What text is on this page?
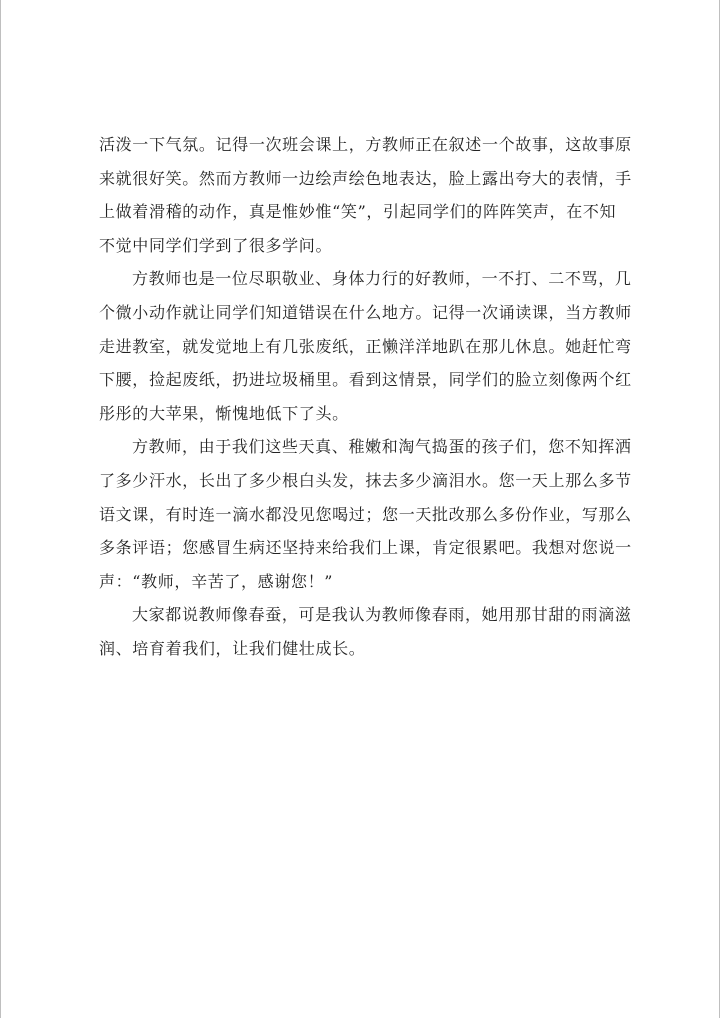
活泼一下气氛。记得一次班会课上，方教师正在叙述一个故事，这故事原
来就很好笑。然而方教师一边绘声绘色地表达，脸上露出夸大的表情，手
上做着滑稽的动作，真是惟妙惟“笑”，引起同学们的阵阵笑声，在不知
不觉中同学们学到了很多学问。

方教师也是一位尽职敬业、身体力行的好教师，一不打、二不骂，几
个微小动作就让同学们知道错误在什么地方。记得一次诵读课，当方教师
走进教室，就发觉地上有几张废纸，正懒洋洋地趴在那儿休息。她赶忙弯
下腰，捡起废纸，扔进垃圾桶里。看到这情景，同学们的脸立刻像两个红
彤彤的大苹果，惭愧地低下了头。

方教师，由于我们这些天真、稚嫩和淘气捣蛋的孩子们，您不知挥洒
了多少汗水，长出了多少根白头发，抹去多少滴泪水。您一天上那么多节
语文课，有时连一滴水都没见您喝过；您一天批改那么多份作业，写那么
多条评语；您感冒生病还坚持来给我们上课，肯定很累吧。我想对您说一
声：“教师，辛苦了，感谢您！”

大家都说教师像春蚕，可是我认为教师像春雨，她用那甘甜的雨滴滋
润、培育着我们，让我们健壮成长。
